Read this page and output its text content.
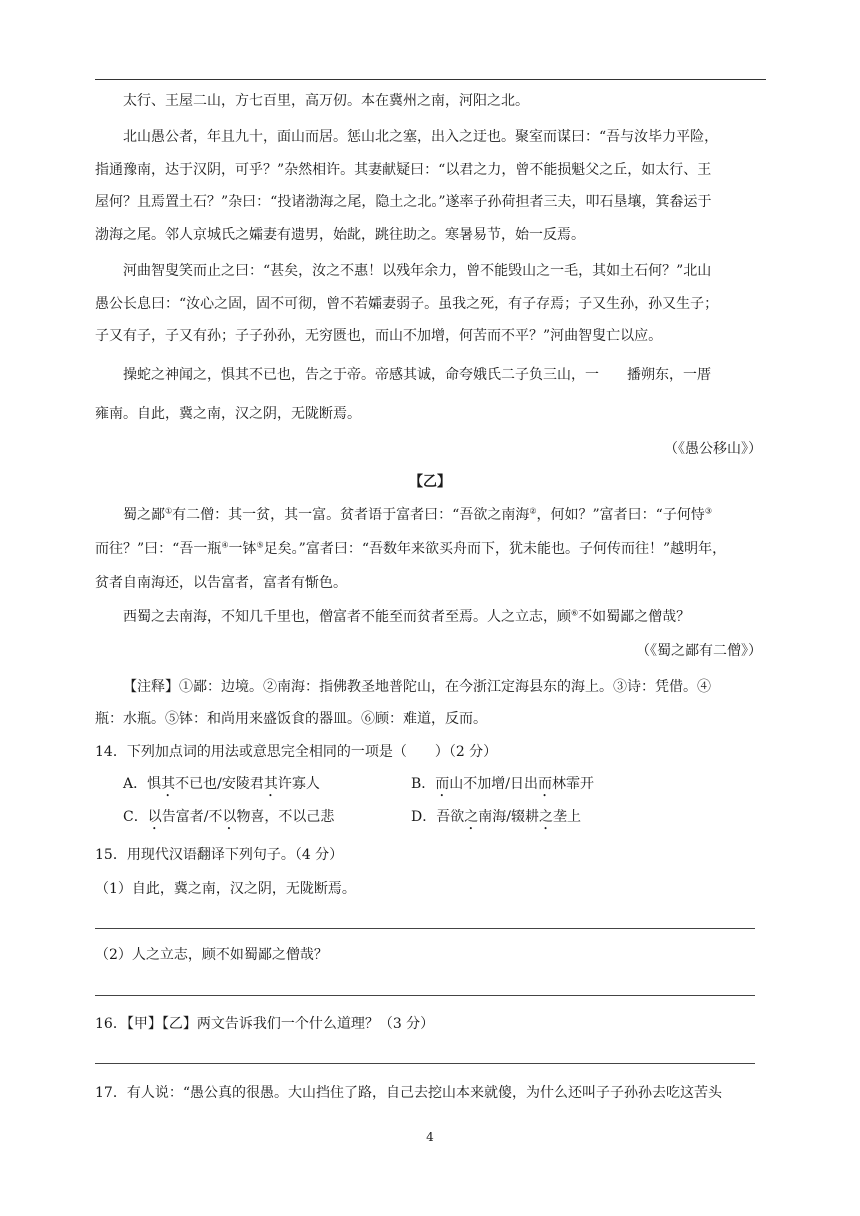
太行、王屋二山，方七百里，高万仞。本在冀州之南，河阳之北。
北山愚公者，年且九十，面山而居。惩山北之塞，出入之迂也。聚室而谋曰：“吾与汝毕力平险，
指通豫南，达于汉阴，可乎？”杂然相许。其妻献疑曰：“以君之力，曾不能损魁父之丘，如太行、王
屋何？且焉置土石？”杂曰：“投诸渤海之尾，隐土之北。”遂率子孙荷担者三夫，叩石垦壤，箕畚运于
渤海之尾。邻人京城氏之孀妻有遗男，始龀，跳往助之。寒暑易节，始一反焉。
河曲智叟笑而止之曰：“甚矣，汝之不惠！以残年余力，曾不能毁山之一毛，其如土石何？”北山
愚公长息曰：“汝心之固，固不可彻，曾不若孀妻弱子。虽我之死，有子存焉；子又生孙，孙又生子；
子又有子，子又有孙；子子孙孙，无穷匮也，而山不加增，何苦而不平？”河曲智叟亡以应。
操蛇之神闻之，惧其不已也，告之于帝。帝感其诚，命夸娥氏二子负三山，一 播朔东，一厝
雍南。自此，冀之南，汉之阴，无陇断焉。
（《愚公移山》）
【乙】
蜀之鄙①有二僧：其一贫，其一富。贫者语于富者曰：“吾欲之南海②，何如？”富者曰：“子何恃③
而往？”曰：“吾一瓶④一钵⑤足矣。”富者曰：“吾数年来欲买舟而下，犹未能也。子何传而往！”越明年，
贫者自南海还，以告富者，富者有惭色。
西蜀之去南海，不知几千里也，僧富者不能至而贫者至焉。人之立志，顾⑥不如蜀鄙之僧哉？
（《蜀之鄙有二僧》）
【注释】①鄙：边境。②南海：指佛教圣地普陀山，在今浙江定海县东的海上。③诗：凭借。④
瓶：水瓶。⑤钵：和尚用来盛饭食的器皿。⑥顾：难道，反而。
14．下列加点词的用法或意思完全相同的一项是（　　）（2 分）
A．惧其不已也/安陵君其许寡人	B．而山不加增/日出而林霏开
C．以告富者/不以物喜，不以己悲	D．吾欲之南海/辍耕之垄上
15．用现代汉语翻译下列句子。（4 分）
（1）自此，冀之南，汉之阴，无陇断焉。
（2）人之立志，顾不如蜀鄙之僧哉？
16．【甲】【乙】两文告诉我们一个什么道理？（3 分）
17．有人说：“愚公真的很愚。大山挡住了路，自己去挖山本来就傻，为什么还叫子子孙孙去吃这苦头
4
